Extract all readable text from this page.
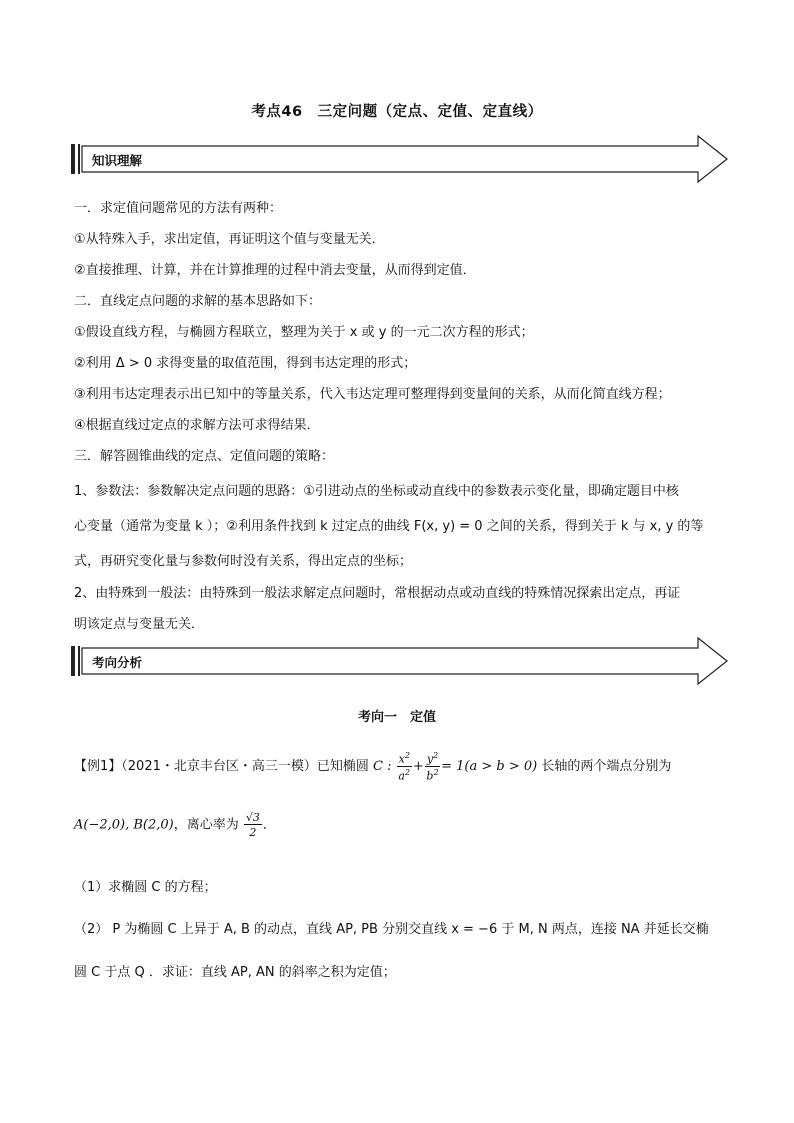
考点46　三定问题（定点、定值、定直线）
知识理解
一．求定值问题常见的方法有两种：
①从特殊入手，求出定值，再证明这个值与变量无关．
②直接推理、计算，并在计算推理的过程中消去变量，从而得到定值．
二．直线定点问题的求解的基本思路如下：
①假设直线方程，与椭圆方程联立，整理为关于 x 或 y 的一元二次方程的形式；
②利用 Δ > 0 求得变量的取值范围，得到韦达定理的形式；
③利用韦达定理表示出已知中的等量关系，代入韦达定理可整理得到变量间的关系，从而化简直线方程；
④根据直线过定点的求解方法可求得结果．
三．解答圆锥曲线的定点、定值问题的策略：
1、参数法：参数解决定点问题的思路：①引进动点的坐标或动直线中的参数表示变化量，即确定题目中核
心变量（通常为变量 k ）；②利用条件找到 k 过定点的曲线 F(x, y) = 0 之间的关系，得到关于 k 与 x, y 的等
式，再研究变化量与参数何时没有关系，得出定点的坐标；
2、由特殊到一般法：由特殊到一般法求解定点问题时，常根据动点或动直线的特殊情况探索出定点，再证
明该定点与变量无关．
考向分析
考向一　定值
【例1】（2021・北京丰台区・高三一模）已知椭圆 C : $\frac{x^2}{a^2} + \frac{y^2}{b^2} = 1(a > b > 0)$ 长轴的两个端点分别为
A(−2,0), B(2,0)，离心率为 $\frac{√3}{2}$ ．
（1）求椭圆 C 的方程；
（2） P 为椭圆 C 上异于 A, B 的动点，直线 AP, PB 分别交直线 x = −6 于 M, N 两点，连接 NA 并延长交椭
圆 C 于点 Q ．求证：直线 AP, AN 的斜率之积为定值；
